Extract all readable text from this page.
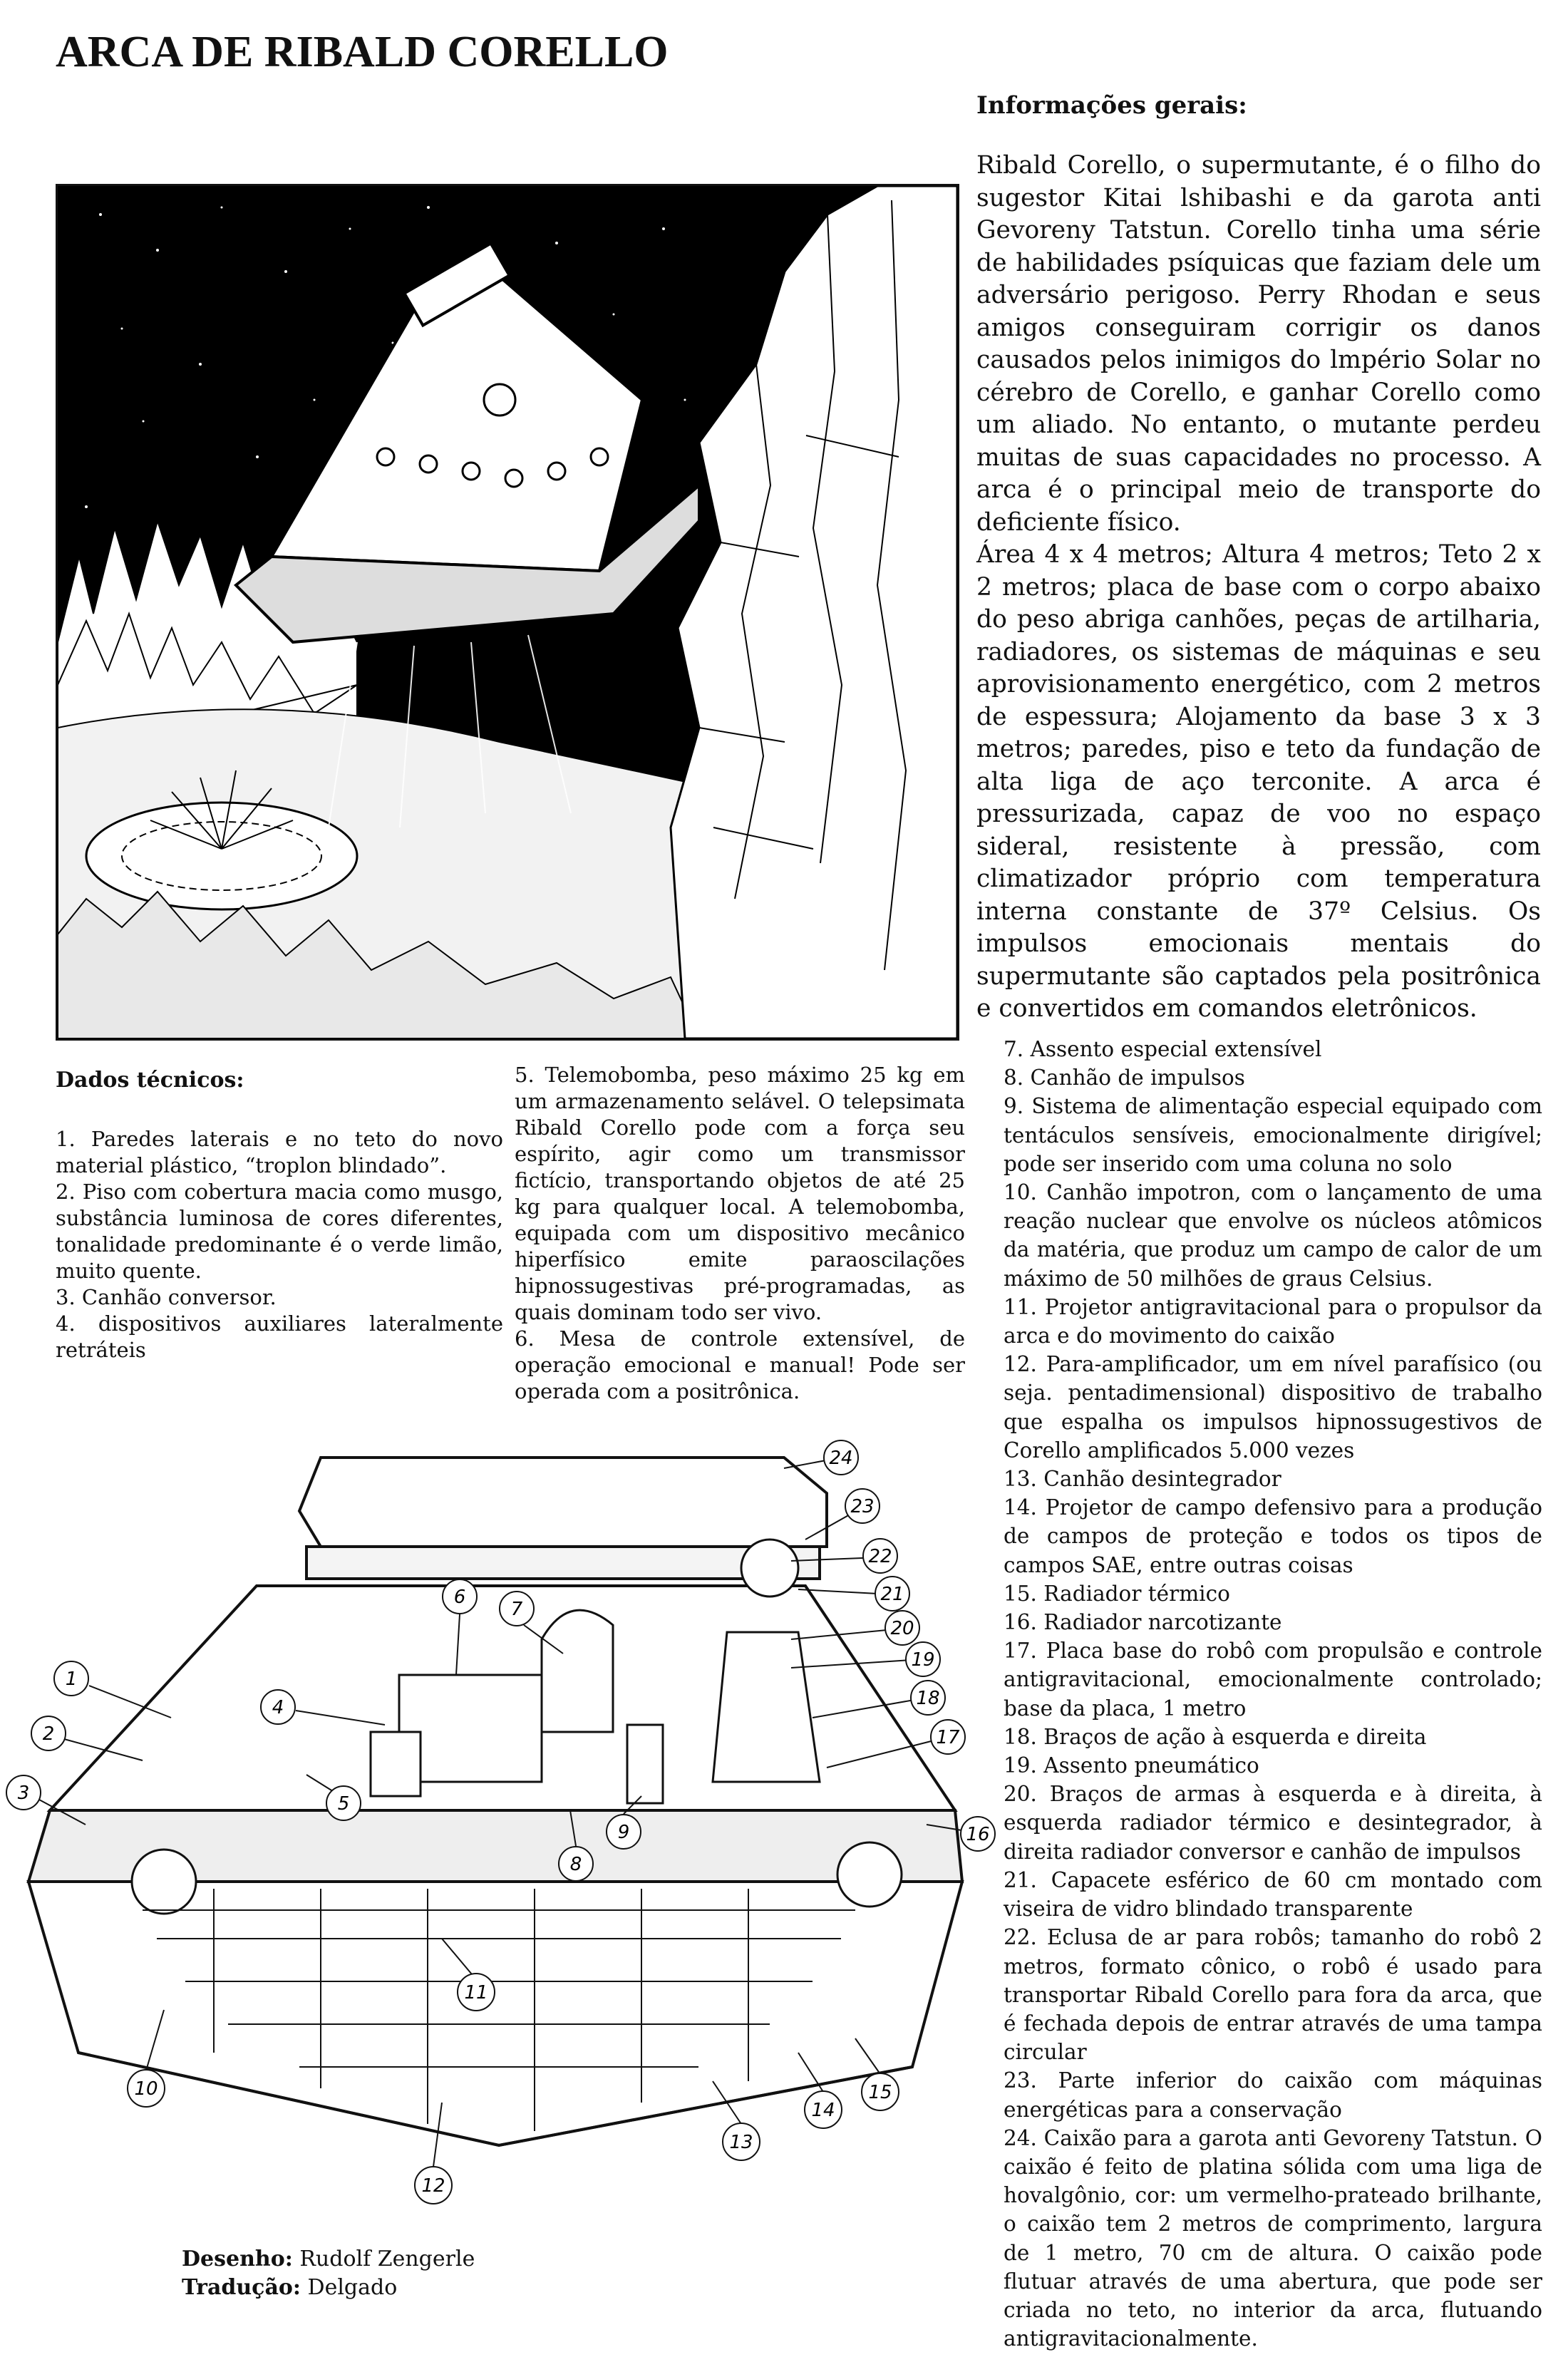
ARCA DE RIBALD CORELLO
Informações gerais:

Ribald Corello, o supermutante, é o filho do sugestor Kitai lshibashi e da garota anti Gevoreny Tatstun. Corello tinha uma série de habilidades psíquicas que faziam dele um adversário perigoso. Perry Rhodan e seus amigos conseguiram corrigir os danos causados pelos inimigos do lmpério Solar no cérebro de Corello, e ganhar Corello como um aliado. No entanto, o mutante perdeu muitas de suas capacidades no processo. A arca é o principal meio de transporte do deficiente físico.

Área 4 x 4 metros; Altura 4 metros; Teto 2 x 2 metros; placa de base com o corpo abaixo do peso abriga canhões, peças de artilharia, radiadores, os sistemas de máquinas e seu aprovisionamento energético, com 2 metros de espessura; Alojamento da base 3 x 3 metros; paredes, piso e teto da fundação de alta liga de aço terconite. A arca é pressurizada, capaz de voo no espaço sideral, resistente à pressão, com climatizador próprio com temperatura interna constante de 37º Celsius. Os impulsos emocionais mentais do supermutante são captados pela positrônica e convertidos em comandos eletrônicos.

Dados técnicos:

1. Paredes laterais e no teto do novo material plástico, “troplon blindado”.

2. Piso com cobertura macia como musgo, substância luminosa de cores diferentes, tonalidade predominante é o verde limão, muito quente.

3. Canhão conversor.

4. dispositivos auxiliares lateralmente retráteis

5. Telemobomba, peso máximo 25 kg em um armazenamento selável. O telepsimata Ribald Corello pode com a força seu espírito, agir como um transmissor fictício, transportando objetos de até 25 kg para qualquer local. A telemobomba, equipada com um dispositivo mecânico hiperfísico emite paraoscilações hipnossugestivas pré-programadas, as quais dominam todo ser vivo.

6. Mesa de controle extensível, de operação emocional e manual! Pode ser operada com a positrônica.

7. Assento especial extensível

8. Canhão de impulsos

9. Sistema de alimentação especial equipado com tentáculos sensíveis, emocionalmente dirigível; pode ser inserido com uma coluna no solo

10. Canhão impotron, com o lançamento de uma reação nuclear que envolve os núcleos atômicos da matéria, que produz um campo de calor de um máximo de 50 milhões de graus Celsius.

11. Projetor antigravitacional para o propulsor da arca e do movimento do caixão

12. Para-amplificador, um em nível parafísico (ou seja. pentadimensional) dispositivo de trabalho que espalha os impulsos hipnossugestivos de Corello amplificados 5.000 vezes

13. Canhão desintegrador

14. Projetor de campo defensivo para a produção de campos de proteção e todos os tipos de campos SAE, entre outras coisas

15. Radiador térmico

16. Radiador narcotizante

17. Placa base do robô com propulsão e controle antigravitacional, emocionalmente controlado; base da placa, 1 metro

18. Braços de ação à esquerda e direita

19. Assento pneumático

20. Braços de armas à esquerda e à direita, à esquerda radiador térmico e desintegrador, à direita radiador conversor e canhão de impulsos

21. Capacete esférico de 60 cm montado com viseira de vidro blindado transparente

22. Eclusa de ar para robôs; tamanho do robô 2 metros, formato cônico, o robô é usado para transportar Ribald Corello para fora da arca, que é fechada depois de entrar através de uma tampa circular

23. Parte inferior do caixão com máquinas energéticas para a conservação

24. Caixão para a garota anti Gevoreny Tatstun. O caixão é feito de platina sólida com uma liga de hovalgônio, cor: um vermelho-prateado brilhante, o caixão tem 2 metros de comprimento, largura de 1 metro, 70 cm de altura. O caixão pode flutuar através de uma abertura, que pode ser criada no teto, no interior da arca, flutuando antigravitacionalmente.

1
2
3
4
5
6
7
8
9
10
11
12
13
14
15
16
17
18
19
20
21
22
23
24
Desenho: Rudolf Zengerle
Tradução: Delgado
